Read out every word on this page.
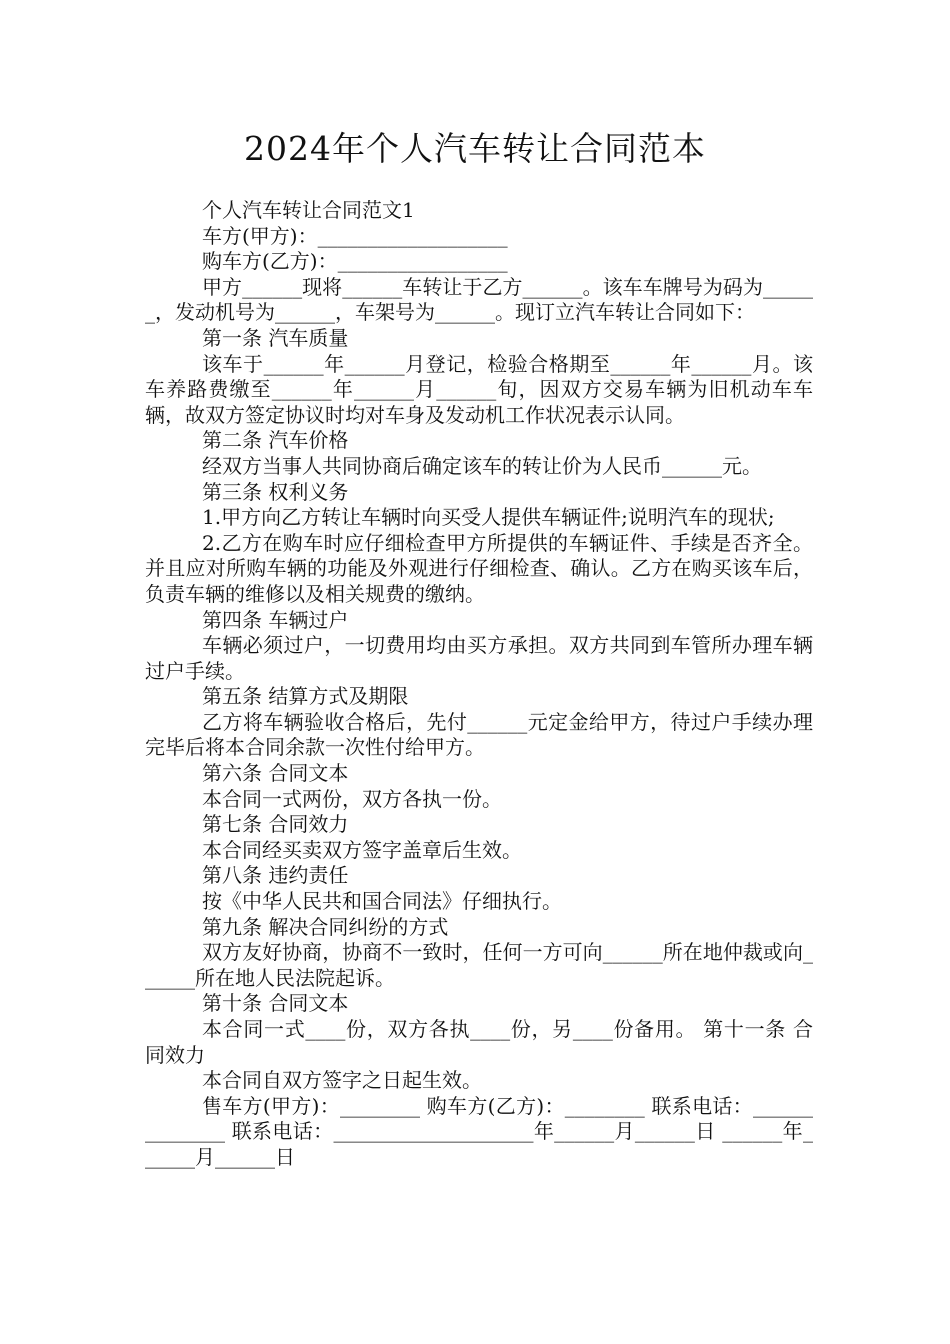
2024年个人汽车转让合同范本

个人汽车转让合同范文1

车方(甲方)：___________________

购车方(乙方)：_________________

甲方______现将______车转让于乙方______。该车车牌号为码为______，发动机号为______，车架号为______。现订立汽车转让合同如下：

第一条 汽车质量

该车于______年______月登记，检验合格期至______年______月。该车养路费缴至______年______月______旬，因双方交易车辆为旧机动车车辆，故双方签定协议时均对车身及发动机工作状况表示认同。

第二条 汽车价格

经双方当事人共同协商后确定该车的转让价为人民币______元。

第三条 权利义务

1.甲方向乙方转让车辆时向买受人提供车辆证件;说明汽车的现状;

2.乙方在购车时应仔细检查甲方所提供的车辆证件、手续是否齐全。并且应对所购车辆的功能及外观进行仔细检查、确认。乙方在购买该车后，负责车辆的维修以及相关规费的缴纳。

第四条 车辆过户

车辆必须过户，一切费用均由买方承担。双方共同到车管所办理车辆过户手续。

第五条 结算方式及期限

乙方将车辆验收合格后，先付______元定金给甲方，待过户手续办理完毕后将本合同余款一次性付给甲方。

第六条 合同文本

本合同一式两份，双方各执一份。

第七条 合同效力

本合同经买卖双方签字盖章后生效。

第八条 违约责任

按《中华人民共和国合同法》仔细执行。

第九条 解决合同纠纷的方式

双方友好协商，协商不一致时，任何一方可向______所在地仲裁或向______所在地人民法院起诉。

第十条 合同文本

本合同一式____份，双方各执____份，另____份备用。 第十一条 合同效力

本合同自双方签字之日起生效。

售车方(甲方)：________ 购车方(乙方)：________ 联系电话：______________ 联系电话：____________________年______月______日 ______年______月______日
